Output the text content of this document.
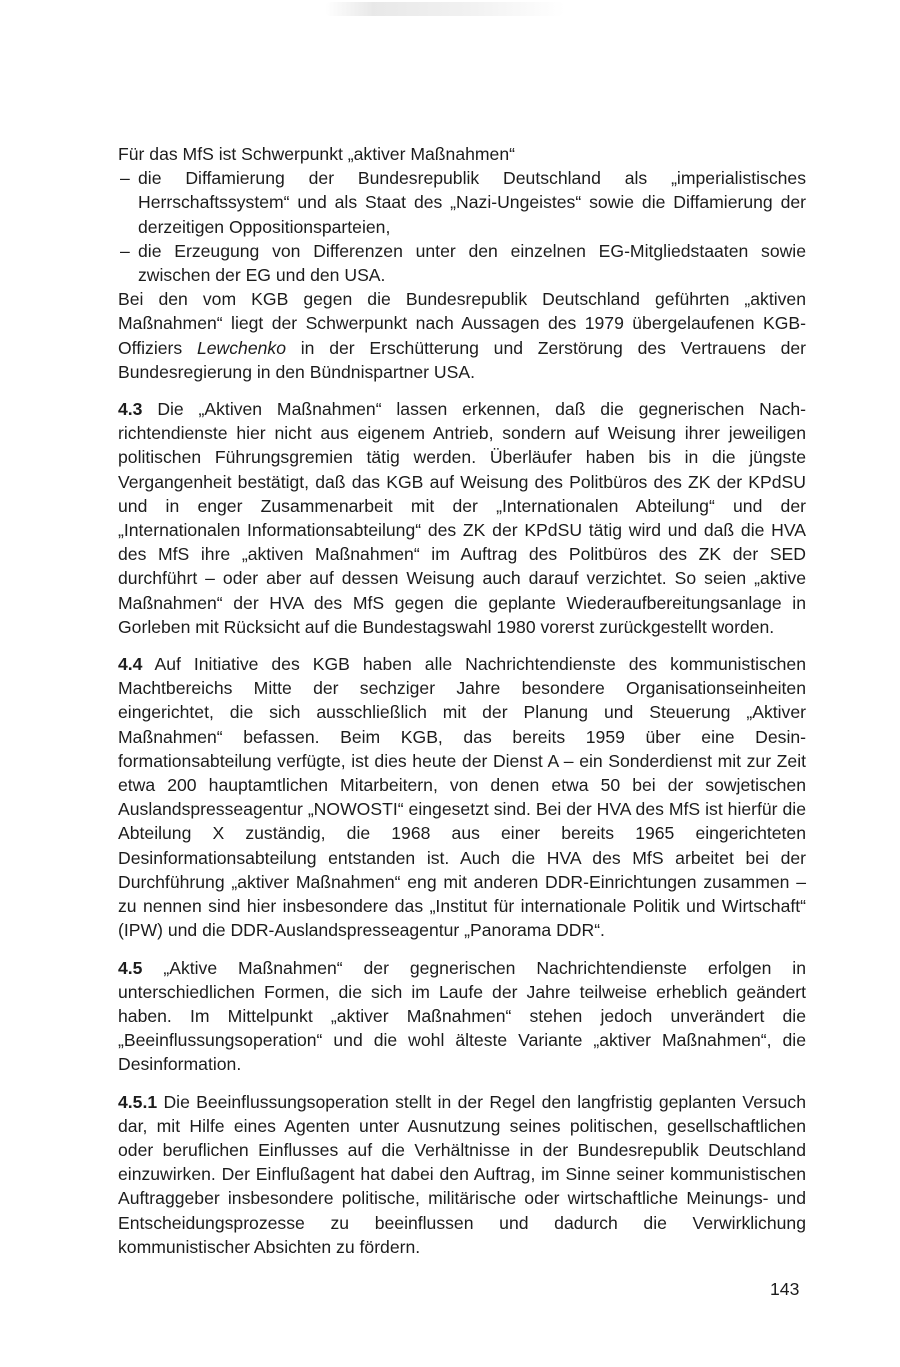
Für das MfS ist Schwerpunkt „aktiver Maßnahmen“

– die Diffamierung der Bundesrepublik Deutschland als „imperialistisches Herrschaftssystem“ und als Staat des „Nazi-Ungeistes“ sowie die Diffamierung der derzeitigen Oppositionsparteien,
– die Erzeugung von Differenzen unter den einzelnen EG-Mitgliedstaaten sowie zwischen der EG und den USA.

Bei den vom KGB gegen die Bundesrepublik Deutschland geführten „aktiven Maßnahmen“ liegt der Schwerpunkt nach Aussagen des 1979 übergelaufenen KGB-Offiziers Lewchenko in der Erschütterung und Zerstörung des Vertrauens der Bundesregierung in den Bündnispartner USA.

4.3 Die „Aktiven Maßnahmen“ lassen erkennen, daß die gegnerischen Nachrichtendienste hier nicht aus eigenem Antrieb, sondern auf Weisung ihrer jeweiligen politischen Führungsgremien tätig werden. Überläufer haben bis in die jüngste Vergangenheit bestätigt, daß das KGB auf Weisung des Politbüros des ZK der KPdSU und in enger Zusammenarbeit mit der „Internationalen Abteilung“ und der „Internationalen Informationsabteilung“ des ZK der KPdSU tätig wird und daß die HVA des MfS ihre „aktiven Maßnahmen“ im Auftrag des Politbüros des ZK der SED durchführt – oder aber auf dessen Weisung auch darauf verzichtet. So seien „aktive Maßnahmen“ der HVA des MfS gegen die geplante Wiederaufbereitungsanlage in Gorleben mit Rücksicht auf die Bundestagswahl 1980 vorerst zurückgestellt worden.

4.4 Auf Initiative des KGB haben alle Nachrichtendienste des kommunistischen Machtbereichs Mitte der sechziger Jahre besondere Organisationseinheiten eingerichtet, die sich ausschließlich mit der Planung und Steuerung „Aktiver Maßnahmen“ befassen. Beim KGB, das bereits 1959 über eine Desinformationsabteilung verfügte, ist dies heute der Dienst A – ein Sonderdienst mit zur Zeit etwa 200 hauptamtlichen Mitarbeitern, von denen etwa 50 bei der sowjetischen Auslandspresseagentur „NOWOSTI“ eingesetzt sind. Bei der HVA des MfS ist hierfür die Abteilung X zuständig, die 1968 aus einer bereits 1965 eingerichteten Desinformationsabteilung entstanden ist. Auch die HVA des MfS arbeitet bei der Durchführung „aktiver Maßnahmen“ eng mit anderen DDR-Einrichtungen zusammen – zu nennen sind hier insbesondere das „Institut für internationale Politik und Wirtschaft“ (IPW) und die DDR-Auslandspresseagentur „Panorama DDR“.

4.5 „Aktive Maßnahmen“ der gegnerischen Nachrichtendienste erfolgen in unterschiedlichen Formen, die sich im Laufe der Jahre teilweise erheblich geändert haben. Im Mittelpunkt „aktiver Maßnahmen“ stehen jedoch unverändert die „Beeinflussungsoperation“ und die wohl älteste Variante „aktiver Maßnahmen“, die Desinformation.

4.5.1 Die Beeinflussungsoperation stellt in der Regel den langfristig geplanten Versuch dar, mit Hilfe eines Agenten unter Ausnutzung seines politischen, gesellschaftlichen oder beruflichen Einflusses auf die Verhältnisse in der Bundesrepublik Deutschland einzuwirken. Der Einflußagent hat dabei den Auftrag, im Sinne seiner kommunistischen Auftraggeber insbesondere politische, militärische oder wirtschaftliche Meinungs- und Entscheidungsprozesse zu beeinflussen und dadurch die Verwirklichung kommunistischer Absichten zu fördern.

143
